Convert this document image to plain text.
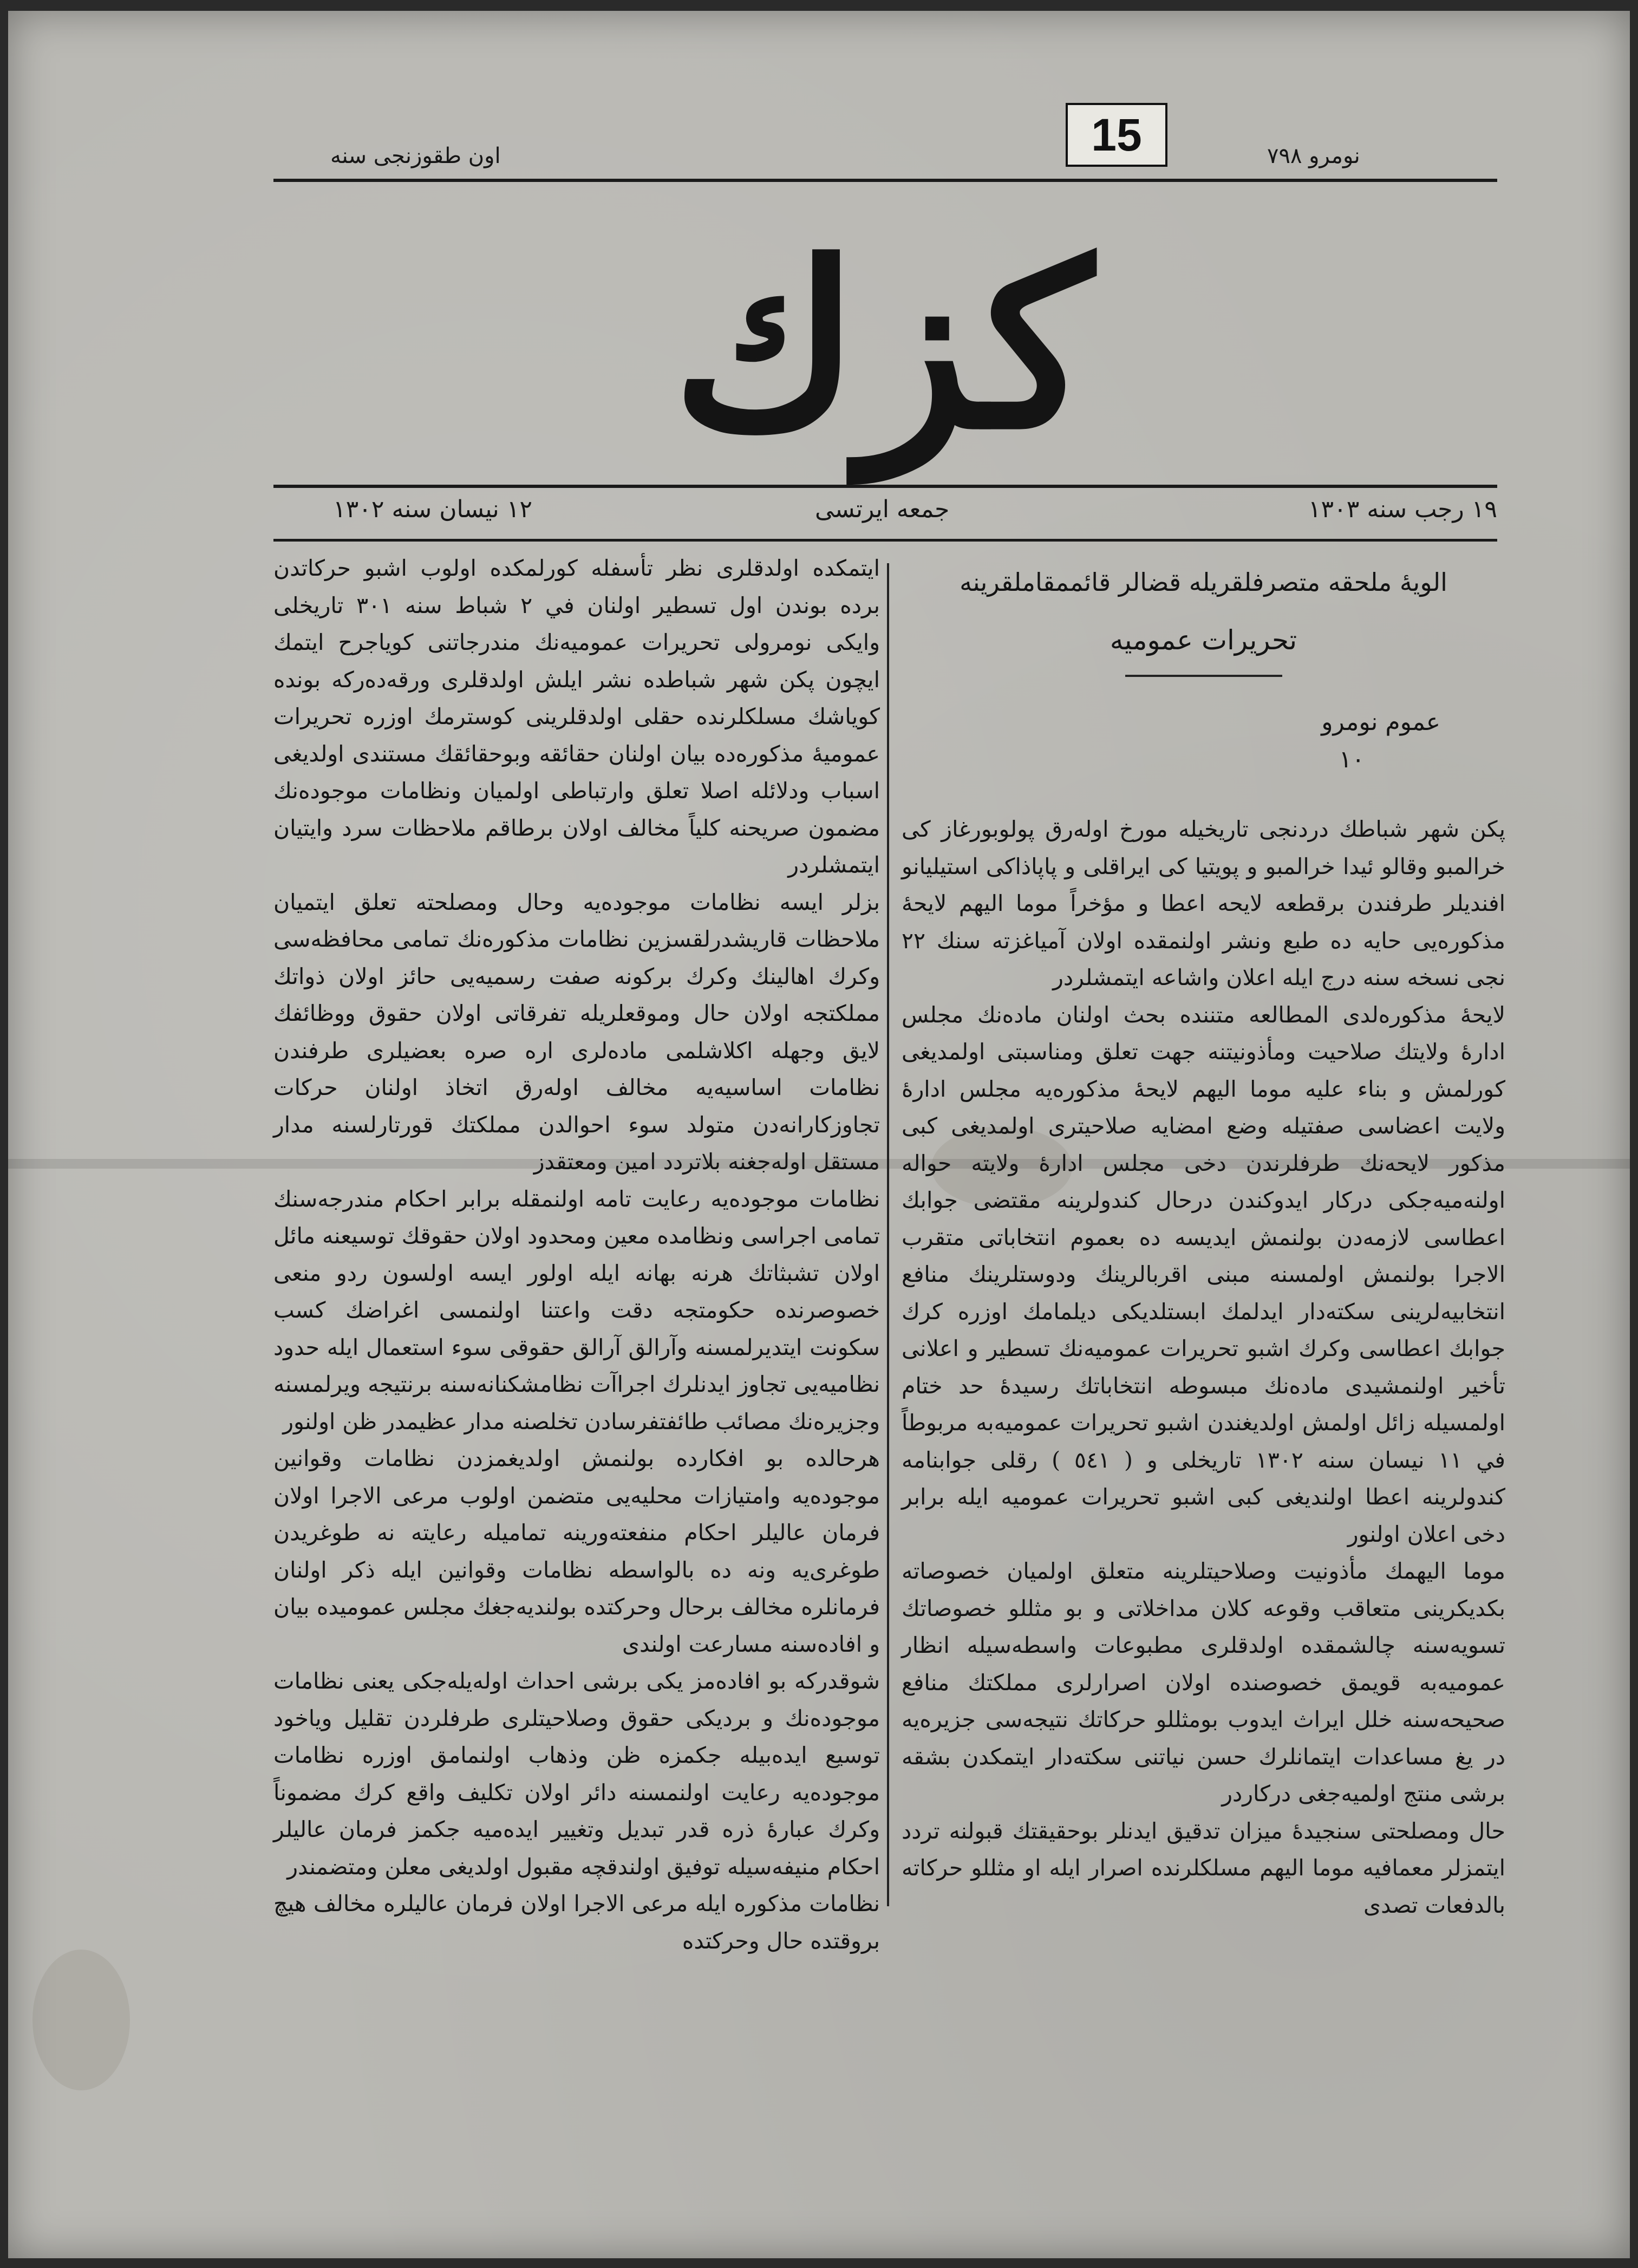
15
اون طقوزنجی سنه	نومرو ۷۹۸
كزك
۱۹ رجب سنه ۱۳۰۳
جمعه ايرتسی
۱۲ نيسان سنه ۱۳۰۲

الويهٔ ملحقه متصرفلقريله قضالر قائممقاملقرينه

تحريرات عموميه

عموم نومرو

١٠

پكن شهر شباطك دردنجی تاريخيله مورخ اوله‌رق پولوبورغاز كی خرالمبو وقالو ئيدا خرالمبو و پويتيا كی ايراقلی و پاپاذاكی استيليانو افنديلر طرفندن برقطعه لايحه اعطا و مؤخراً موما اليهم لايحهٔ مذكوره‌يی حايه ده طبع ونشر اولنمقده اولان آمياغزته سنك ٢٢ نجی نسخه سنه درج ايله اعلان واشاعه ايتمشلردر

لايحهٔ مذكوره‌لدی المطالعه متننده بحث اولنان ماده‌نك مجلس ادارهٔ ولايتك صلاحيت ومأذونيتنه جهت تعلق ومناسبتی اولمديغی كورلمش و بناء عليه موما اليهم لايحهٔ مذكوره‌يه مجلس ادارهٔ ولايت اعضاسی صفتيله وضع امضايه صلاحيتری اولمديغی كبی مذكور لايحه‌نك طرفلرندن دخی مجلس ادارهٔ ولايته حواله اولنه‌ميه‌جكی دركار ايدوكندن درحال كندولرينه مقتضی جوابك اعطاسی لازمه‌دن بولنمش ايديسه ده بعموم انتخاباتی متقرب الاجرا بولنمش اولمسنه مبنی اقربالرينك ودوستلرينك منافع انتخابيه‌لرينی سكته‌دار ايدلمك ابستلديكی ديلمامك اوزره كرك جوابك اعطاسی وكرك اشبو تحريرات عموميه‌نك تسطير و اعلانی تأخير اولنمشيدی ماده‌نك مبسوطه انتخاباتك رسيدهٔ حد ختام اولمسيله زائل اولمش اولديغندن اشبو تحريرات عموميه‌به مربوطاً في ١١ نيسان سنه ١٣٠٢ تاريخلی و ( ٥٤١ ) رقلی جوابنامه كندولرينه اعطا اولنديغی كبی اشبو تحريرات عموميه ايله برابر دخی اعلان اولنور

موما اليهمك مأذونيت وصلاحيتلرينه متعلق اولميان خصوصاته بكديكرينی متعاقب وقوعه كلان مداخلاتی و بو مثللو خصوصاتك تسويه‌سنه چالشمقده اولدقلری مطبوعات واسطه‌سيله انظار عموميه‌به قويمق خصوصنده اولان اصرارلری مملكتك منافع صحيحه‌سنه خلل ايراث ايدوب بومثللو حركاتك نتيجه‌سی جزيره‌يه در يغ مساعدات ايتمانلرك حسن نياتنی سكته‌دار ايتمكدن بشقه برشی منتج اولميه‌جغی دركاردر

حال ومصلحتی سنجيدهٔ ميزان تدقيق ايدنلر بوحقيقتك قبولنه تردد ايتمزلر معمافيه موما اليهم مسلكلرنده اصرار ايله او مثللو حركاته بالدفعات تصدی

ايتمكده اولدقلری نظر تأسفله كورلمكده اولوب اشبو حركاتدن برده بوندن اول تسطير اولنان في ٢ شباط سنه ٣٠١ تاريخلی وايكی نومرولی تحريرات عموميه‌نك مندرجاتنی كوياجرح ايتمك ايچون پكن شهر شباطده نشر ايلش اولدقلری ورقه‌ده‌ركه بونده كوياشك مسلكلرنده حقلی اولدقلرينی كوسترمك اوزره تحريرات عموميهٔ مذكوره‌ده بيان اولنان حقائقه وبوحقائقك مستندی اولديغی اسباب ودلائله اصلا تعلق وارتباطی اولميان ونظامات موجوده‌نك مضمون صريحنه كلياً مخالف اولان برطاقم ملاحظات سرد وايتيان ايتمشلردر

بزلر ايسه نظامات موجوده‌يه وحال ومصلحته تعلق ايتميان ملاحظات قاريشدرلقسزين نظامات مذكوره‌نك تمامی محافظه‌سی وكرك اهالينك وكرك بركونه صفت رسميه‌يی حائز اولان ذواتك مملكتجه اولان حال وموقعلريله تفرقاتی اولان حقوق ووظائفك لايق وجهله اكلاشلمی ماده‌لری اره صره بعضيلری طرفندن نظامات اساسيه‌يه مخالف اوله‌رق اتخاذ اولنان حركات تجاوزكارانه‌دن متولد سوء احوالدن مملكتك قورتارلسنه مدار مستقل اوله‌جغنه بلاتردد امين ومعتقدز

نظامات موجوده‌يه رعايت تامه اولنمقله برابر احكام مندرجه‌سنك تمامی اجراسی ونظامده معين ومحدود اولان حقوقك توسيعنه مائل اولان تشبثاتك هرنه بهانه ايله اولور ايسه اولسون ردو منعی خصوصرنده حكومتجه دقت واعتنا اولنمسی اغراضك كسب سكونت ايتديرلمسنه وآرالق آرالق حقوقی سوء استعمال ايله حدود نظاميه‌يی تجاوز ايدنلرك اجراآت نظامشكنانه‌سنه برنتيجه ويرلمسنه وجزيره‌نك مصائب طائفتفرسادن تخلصنه مدار عظيمدر ظن اولنور

هرحالده بو افكارده بولنمش اولديغمزدن نظامات وقوانين موجوده‌يه وامتيازات محليه‌يی متضمن اولوب مرعی الاجرا اولان فرمان عاليلر احكام منفعته‌ورينه تماميله رعايته نه طوغريدن طوغری‌يه ونه ده بالواسطه نظامات وقوانين ايله ذكر اولنان فرمانلره مخالف برحال وحركتده بولنديه‌جغك مجلس عموميده بيان و افاده‌سنه مسارعت اولندی

شوقدركه بو افاده‌مز يكی برشی احداث اوله‌يله‌جكی يعنی نظامات موجوده‌نك و برديكی حقوق وصلاحيتلری طرفلردن تقليل وياخود توسيع ايده‌بيله جكمزه ظن وذهاب اولنمامق اوزره نظامات موجوده‌يه رعايت اولنمسنه دائر اولان تكليف واقع كرك مضموناً وكرك عبارهٔ ذره قدر تبديل وتغيير ايده‌ميه جكمز فرمان عاليلر احكام منيفه‌سيله توفيق اولندقچه مقبول اولديغی معلن ومتضمندر

نظامات مذكوره ايله مرعی الاجرا اولان فرمان عاليلره مخالف هيچ بروقتده حال وحركتده
